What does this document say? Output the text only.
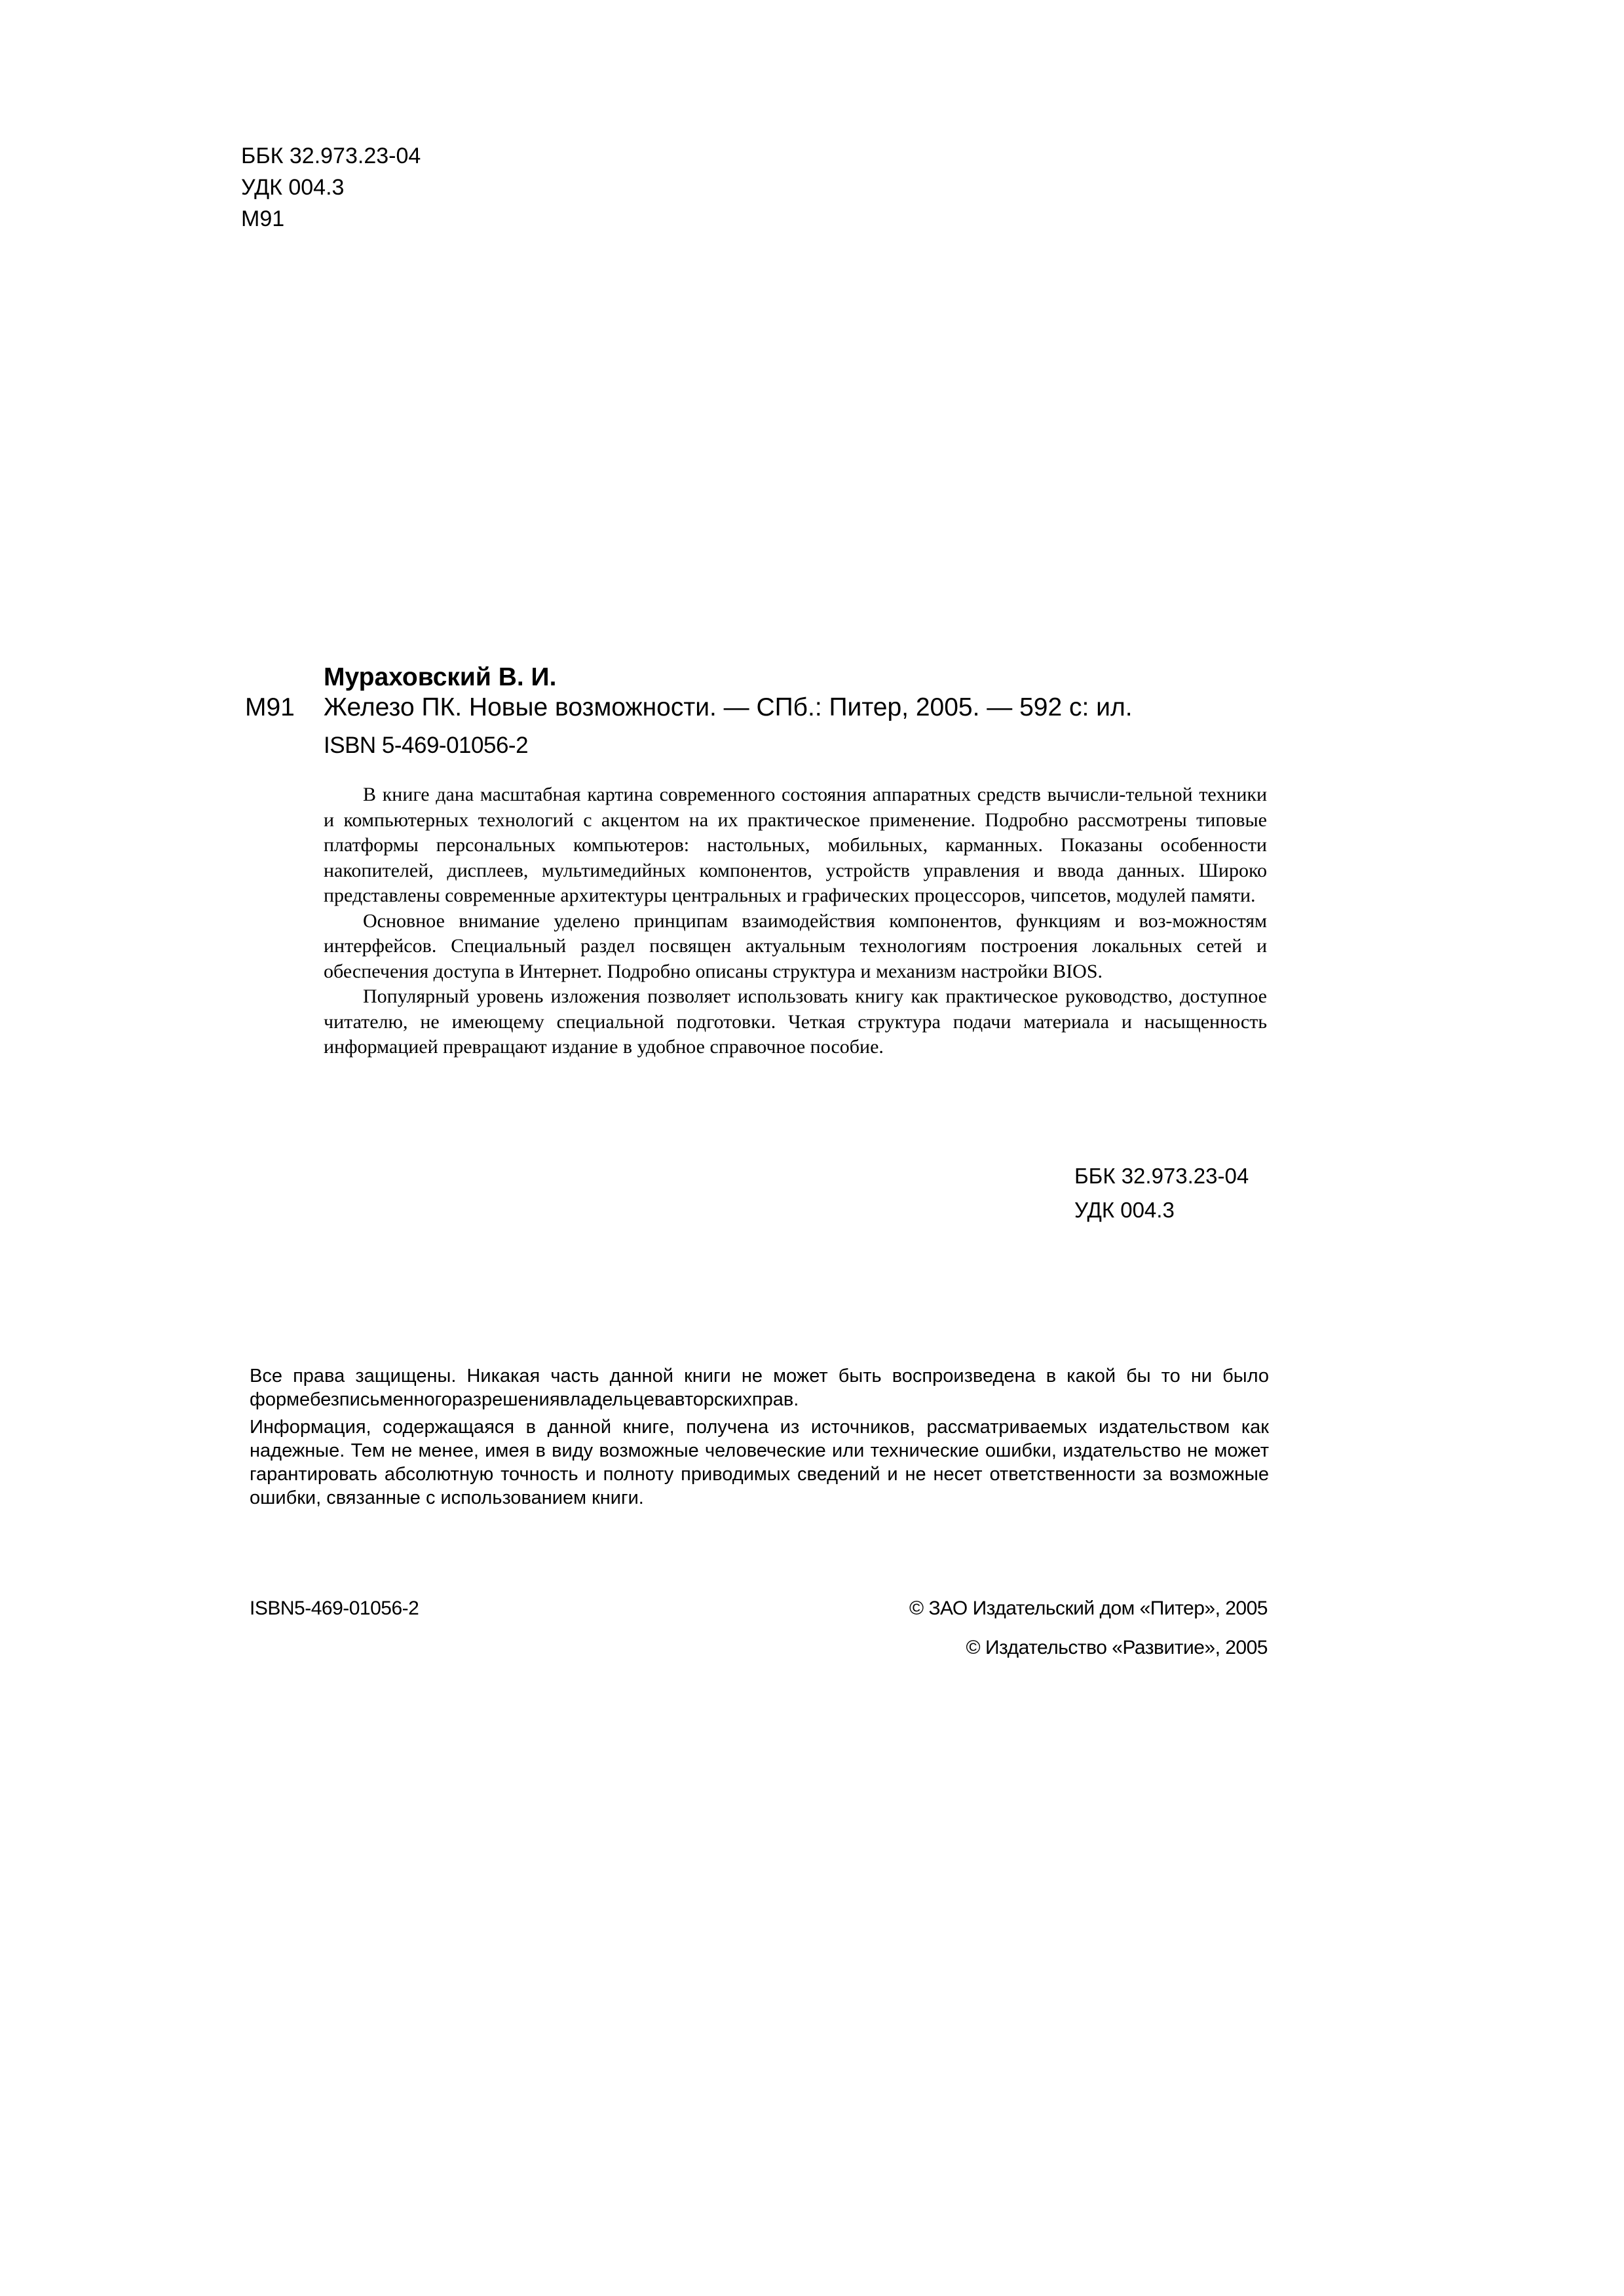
ББК 32.973.23-04
УДК 004.3
М91
Мураховский В. И.
М91 Железо ПК. Новые возможности. — СПб.: Питер, 2005. — 592 с: ил.
ISBN 5-469-01056-2

В книге дана масштабная картина современного состояния аппаратных средств вычисли-тельной техники и компьютерных технологий с акцентом на их практическое применение. Подробно рассмотрены типовые платформы персональных компьютеров: настольных, мобильных, карманных. Показаны особенности накопителей, дисплеев, мультимедийных компонентов, устройств управления и ввода данных. Широко представлены современные архитектуры центральных и графических процессоров, чипсетов, модулей памяти.

Основное внимание уделено принципам взаимодействия компонентов, функциям и воз-можностям интерфейсов. Специальный раздел посвящен актуальным технологиям построения локальных сетей и обеспечения доступа в Интернет. Подробно описаны структура и механизм настройки BIOS.

Популярный уровень изложения позволяет использовать книгу как практическое руководство, доступное читателю, не имеющему специальной подготовки. Четкая структура подачи материала и насыщенность информацией превращают издание в удобное справочное пособие.

ББК 32.973.23-04
УДК 004.3

Все права защищены. Никакая часть данной книги не может быть воспроизведена в какой бы то ни было формебезписьменногоразрешениявладельцевавторскихправ.

Информация, содержащаяся в данной книге, получена из источников, рассматриваемых издательством как надежные. Тем не менее, имея в виду возможные человеческие или технические ошибки, издательство не может гарантировать абсолютную точность и полноту приводимых сведений и не несет ответственности за возможные ошибки, связанные с использованием книги.

ISBN5-469-01056-2	© ЗАО Издательский дом «Питер», 2005
© Издательство «Развитие», 2005
